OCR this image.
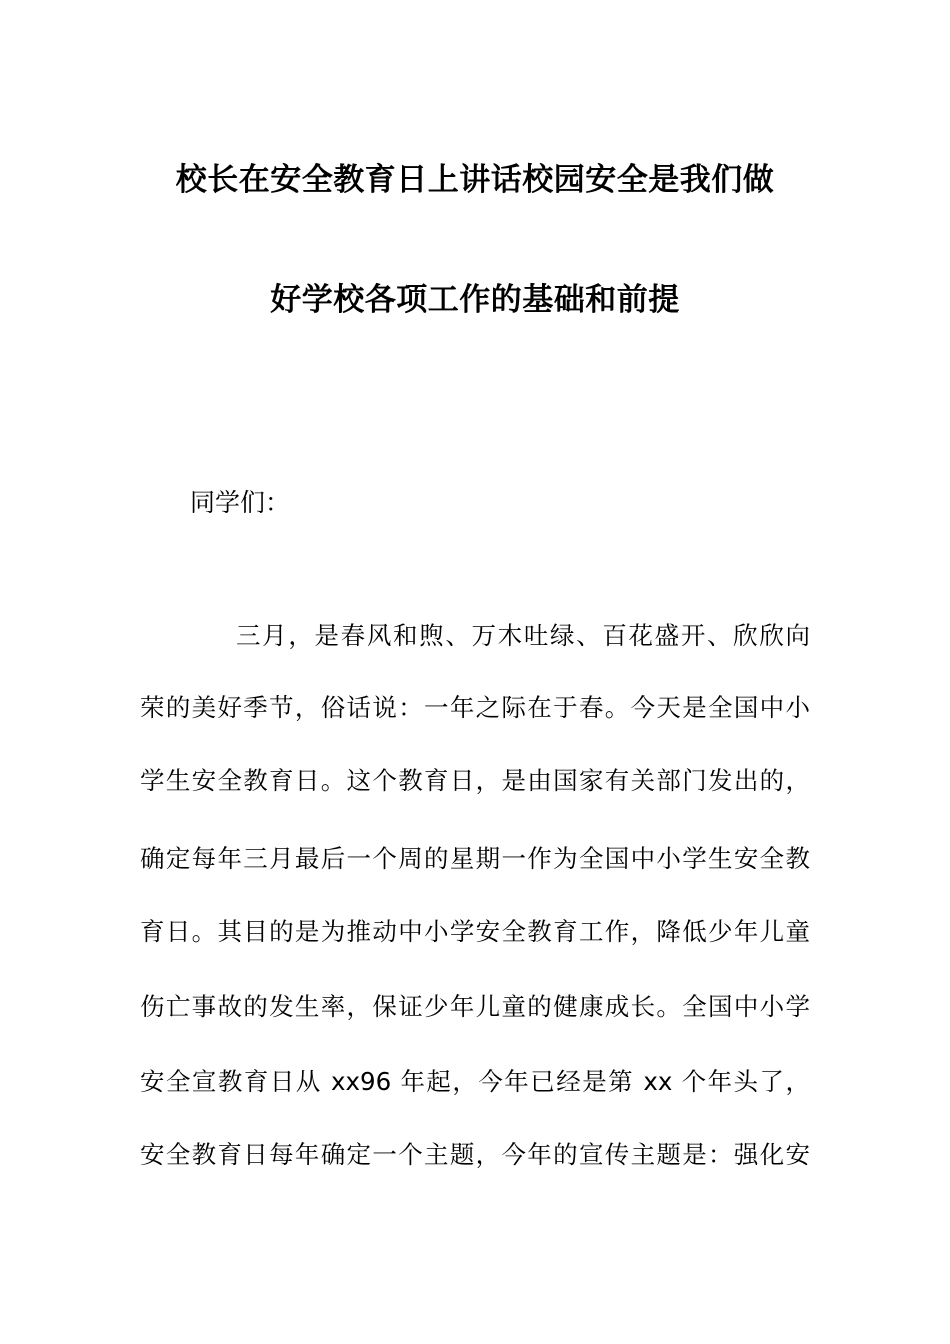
校长在安全教育日上讲话校园安全是我们做
好学校各项工作的基础和前提
同学们：
三月，是春风和煦、万木吐绿、百花盛开、欣欣向
荣的美好季节，俗话说：一年之际在于春。今天是全国中小
学生安全教育日。这个教育日，是由国家有关部门发出的，
确定每年三月最后一个周的星期一作为全国中小学生安全教
育日。其目的是为推动中小学安全教育工作，降低少年儿童
伤亡事故的发生率，保证少年儿童的健康成长。全国中小学
安全宣教育日从 xx96 年起，今年已经是第 xx 个年头了，
安全教育日每年确定一个主题，今年的宣传主题是：强化安
